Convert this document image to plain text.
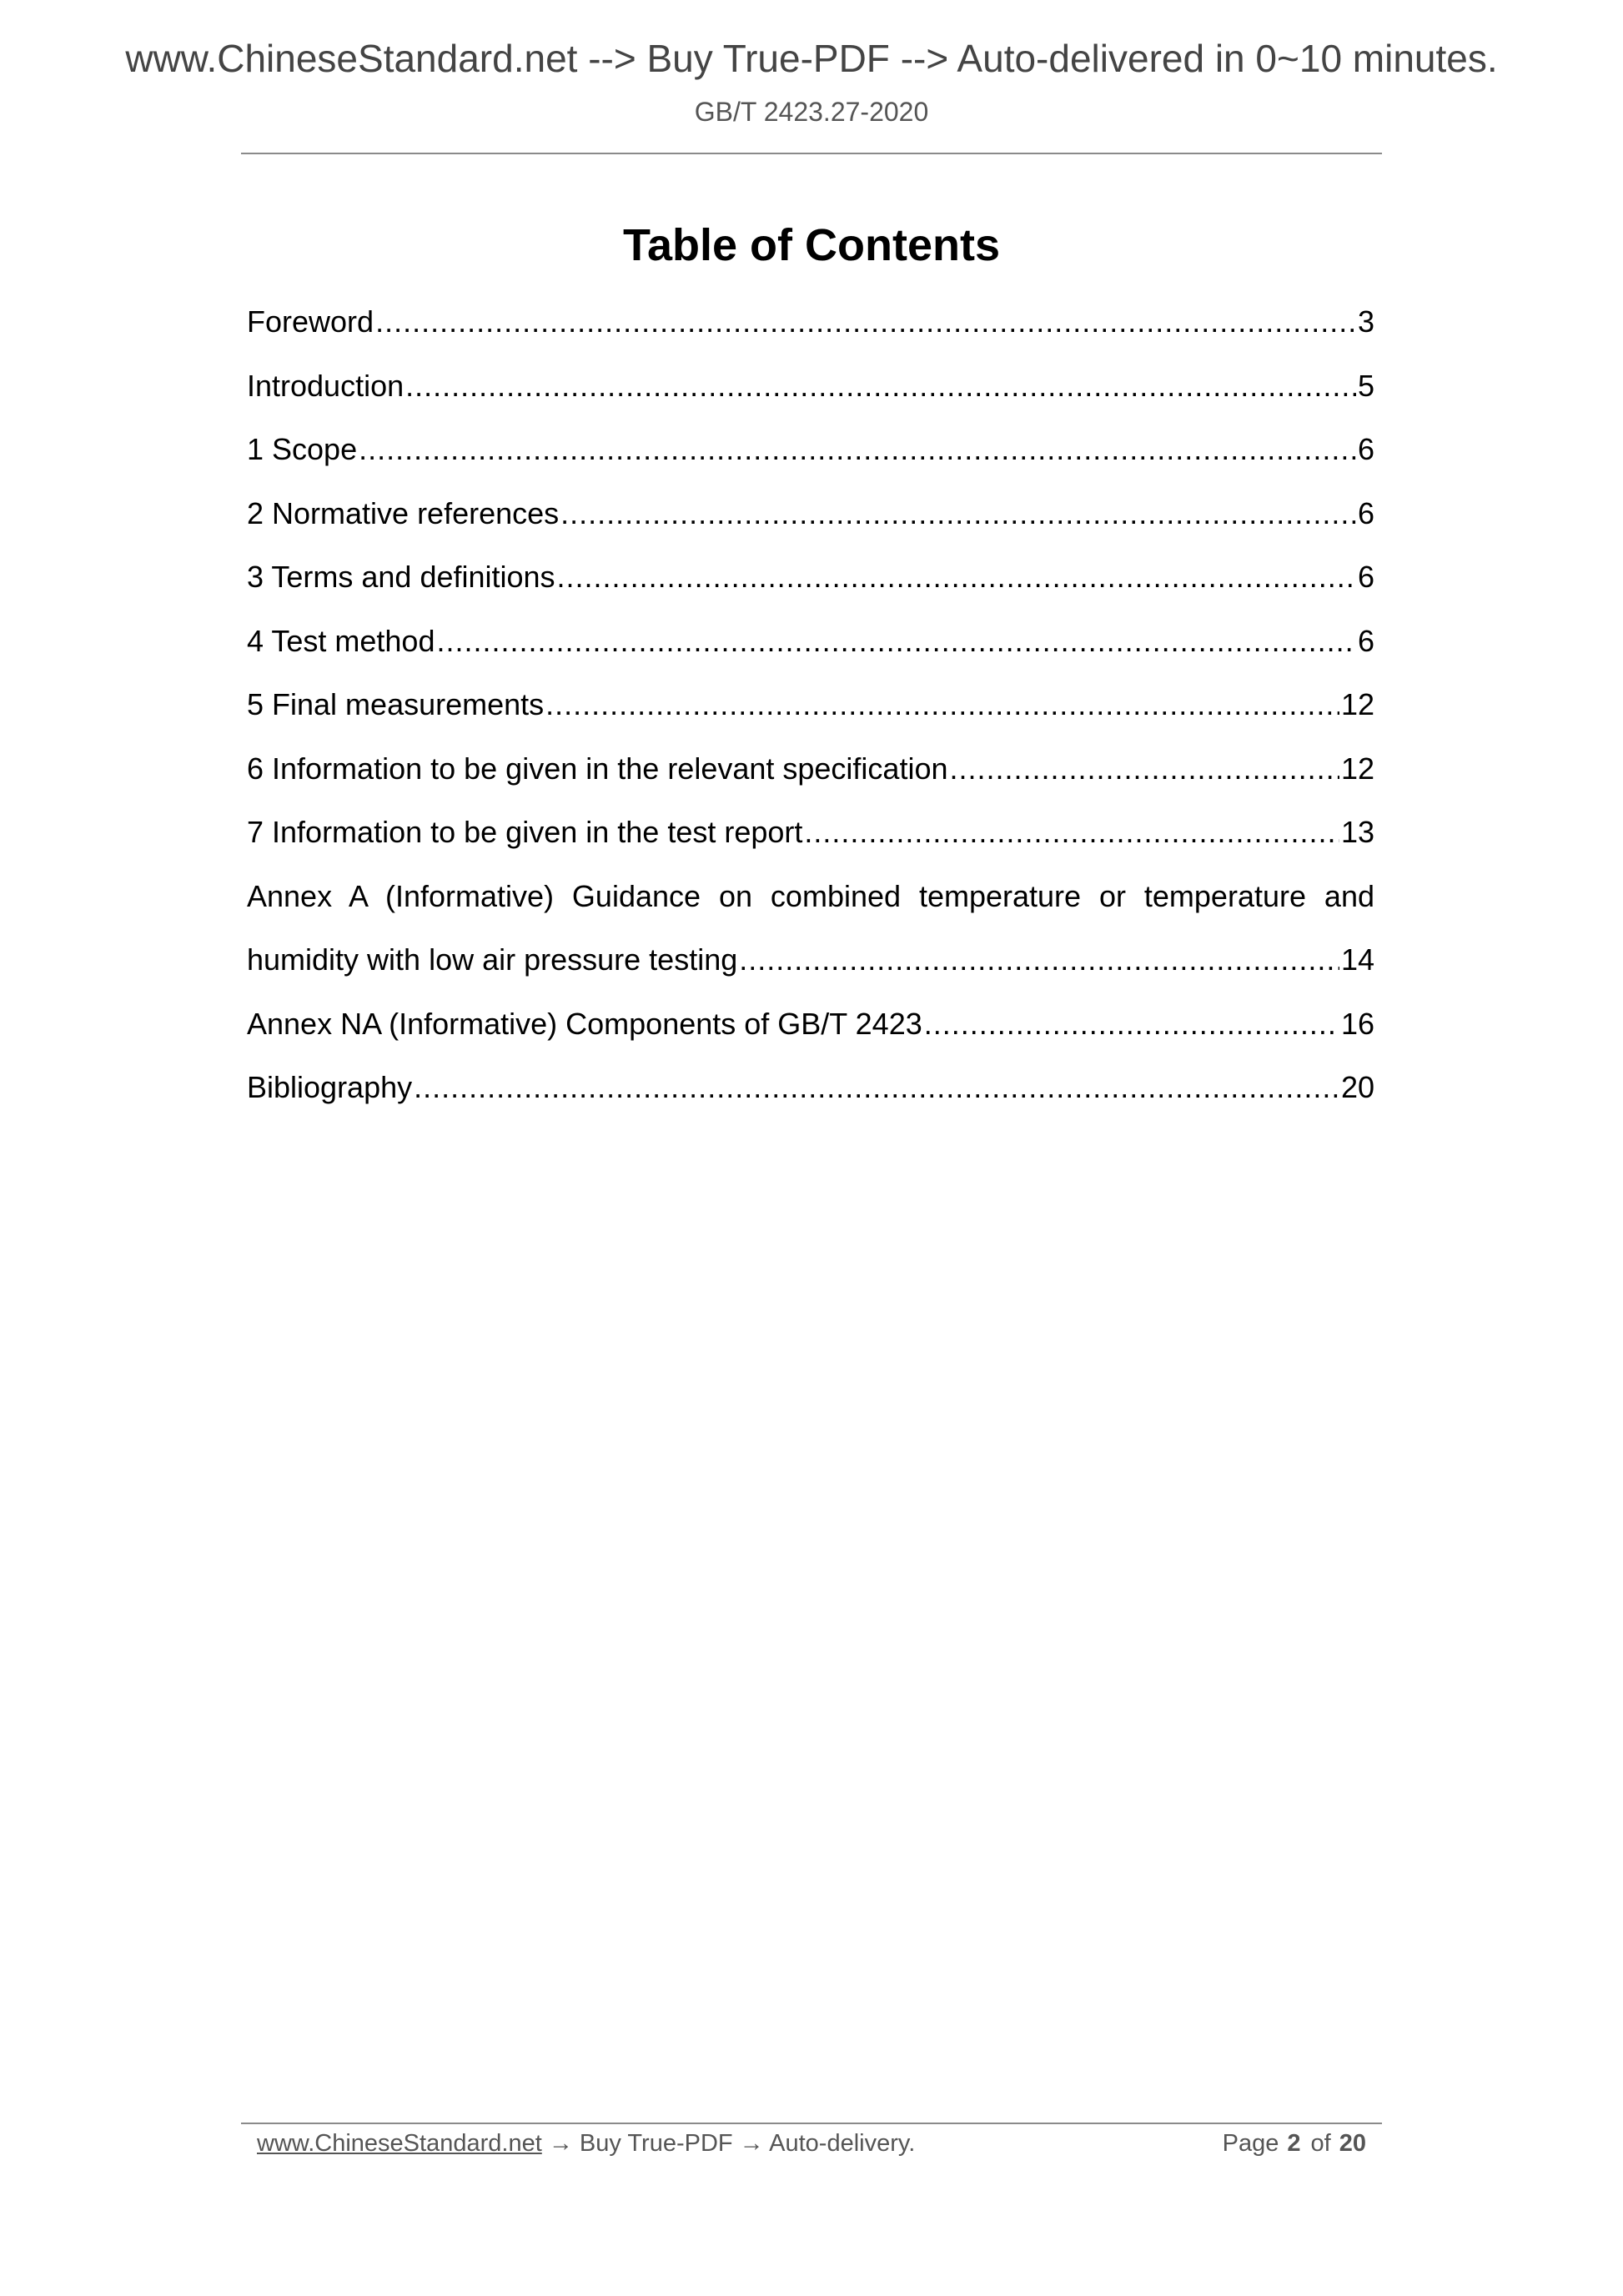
www.ChineseStandard.net --> Buy True-PDF --> Auto-delivered in 0~10 minutes.
GB/T 2423.27-2020
Table of Contents
Foreword .....	3
Introduction .....	5
1 Scope .....	6
2 Normative references .....	6
3 Terms and definitions .....	6
4 Test method .....	6
5 Final measurements .....	12
6 Information to be given in the relevant specification .....	12
7 Information to be given in the test report .....	13
Annex A (Informative) Guidance on combined temperature or temperature and
humidity with low air pressure testing .....	14
Annex NA (Informative) Components of GB/T 2423 .....	16
Bibliography .....	20
www.ChineseStandard.net → Buy True-PDF → Auto-delivery.	Page 2 of 20
